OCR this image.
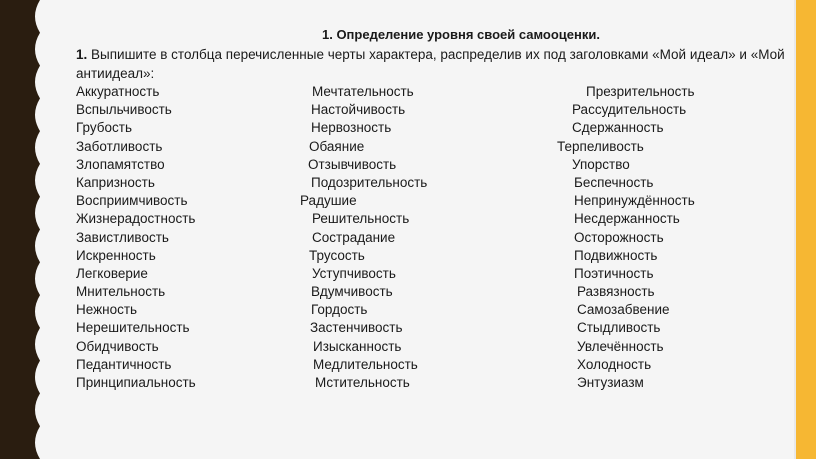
1. Определение уровня своей самооценки.

1. Выпишите в столбца перечисленные черты характера, распределив их под заголовками «Мой идеал» и «Мой антиидеал»:

Аккуратность	Мечтательность	Презрительность
Вспыльчивость	Настойчивость	Рассудительность
Грубость	Нервозность	Сдержанность
Заботливость	Обаяние	Терпеливость
Злопамятство	Отзывчивость	Упорство
Капризность	Подозрительность	Беспечность
Восприимчивость	Радушие	Непринуждённость
Жизнерадостность	Решительность	Несдержанность
Завистливость	Сострадание	Осторожность
Искренность	Трусость	Подвижность
Легковерие	Уступчивость	Поэтичность
Мнительность	Вдумчивость	Развязность
Нежность	Гордость	Самозабвение
Нерешительность	Застенчивость	Стыдливость
Обидчивость	Изысканность	Увлечённость
Педантичность	Медлительность	Холодность
Принципиальность	Мстительность	Энтузиазм
